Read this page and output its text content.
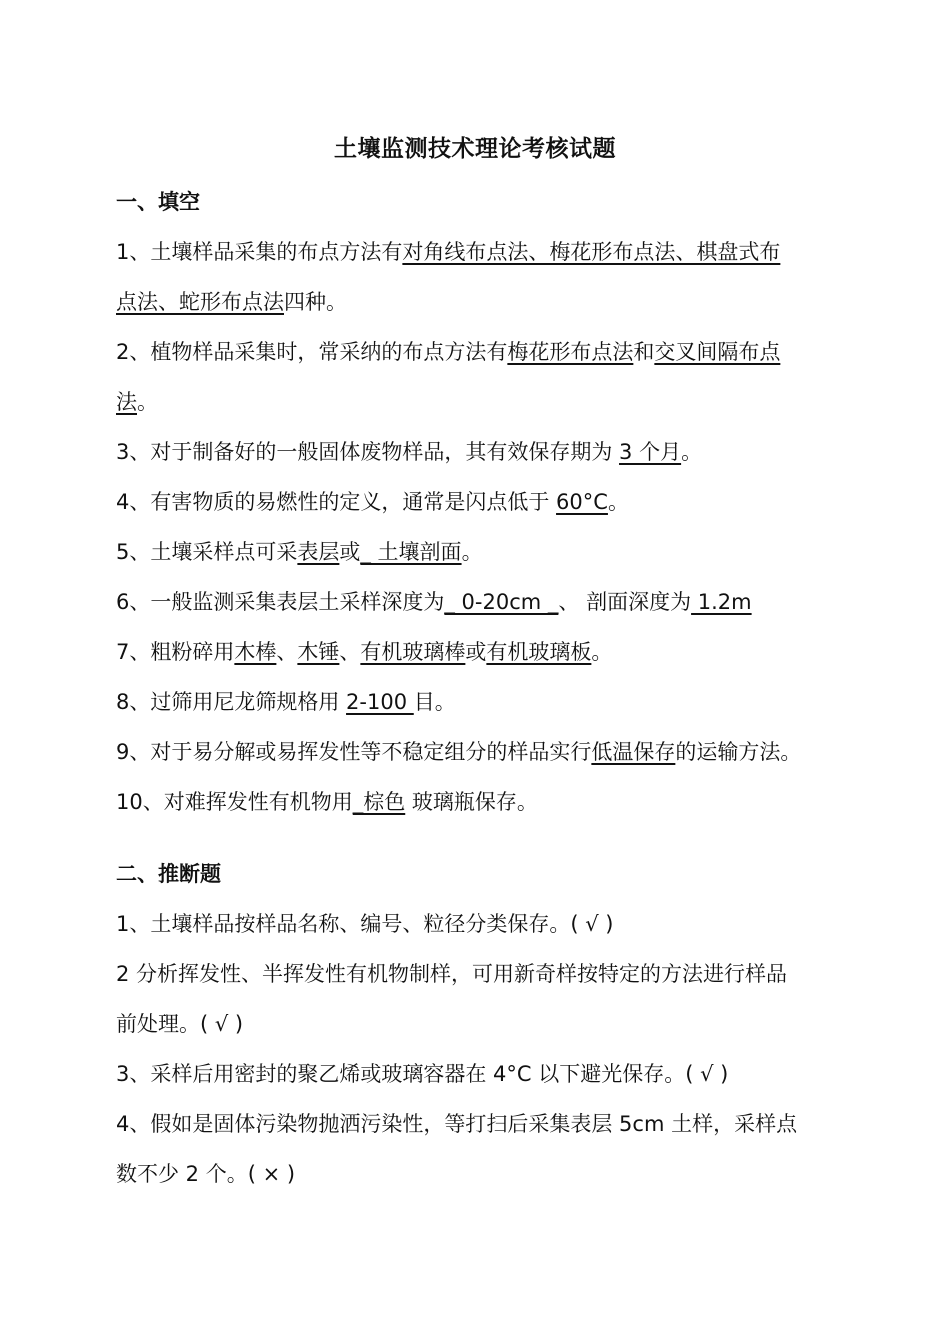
土壤监测技术理论考核试题
一、填空
1、土壤样品采集的布点方法有对角线布点法、梅花形布点法、棋盘式布
点法、蛇形布点法四种。
2、植物样品采集时，常采纳的布点方法有梅花形布点法和交叉间隔布点
法。
3、对于制备好的一般固体废物样品，其有效保存期为 3 个月。
4、有害物质的易燃性的定义，通常是闪点低于 60°C。
5、土壤采样点可采表层或_ 土壤剖面。
6、一般监测采集表层土采样深度为_ 0-20cm _、 剖面深度为 1.2m
7、粗粉碎用木棒、木锤、有机玻璃棒或有机玻璃板。
8、过筛用尼龙筛规格用 2-100 目。
9、对于易分解或易挥发性等不稳定组分的样品实行低温保存的运输方法。
10、对难挥发性有机物用_棕色 玻璃瓶保存。
二、推断题
1、土壤样品按样品名称、编号、粒径分类保存。( √ )
2 分析挥发性、半挥发性有机物制样，可用新奇样按特定的方法进行样品
前处理。( √ )
3、采样后用密封的聚乙烯或玻璃容器在 4°C 以下避光保存。( √ )
4、假如是固体污染物抛洒污染性，等打扫后采集表层 5cm 土样，采样点
数不少 2 个。( × )
